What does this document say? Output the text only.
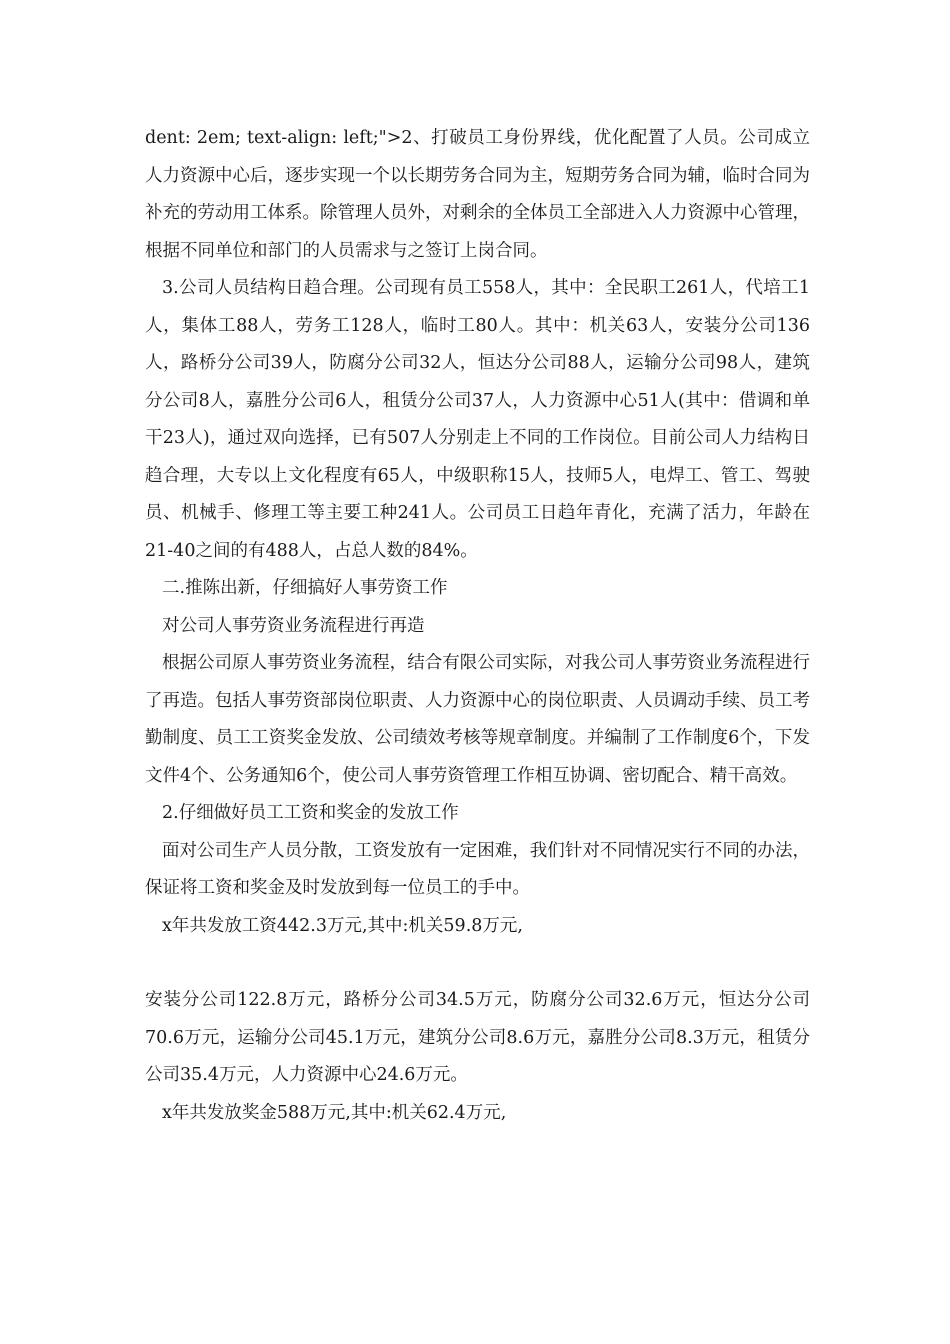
dent: 2em; text-align: left;">2、打破员工身份界线，优化配置了人员。公司成立人力资源中心后，逐步实现一个以长期劳务合同为主，短期劳务合同为辅，临时合同为补充的劳动用工体系。除管理人员外，对剩余的全体员工全部进入人力资源中心管理，根据不同单位和部门的人员需求与之签订上岗合同。

3.公司人员结构日趋合理。公司现有员工558人，其中：全民职工261人，代培工1人，集体工88人，劳务工128人，临时工80人。其中：机关63人，安装分公司136人，路桥分公司39人，防腐分公司32人，恒达分公司88人，运输分公司98人，建筑分公司8人，嘉胜分公司6人，租赁分公司37人，人力资源中心51人(其中：借调和单干23人)，通过双向选择，已有507人分别走上不同的工作岗位。目前公司人力结构日趋合理，大专以上文化程度有65人，中级职称15人，技师5人，电焊工、管工、驾驶员、机械手、修理工等主要工种241人。公司员工日趋年青化，充满了活力，年龄在21-40之间的有488人，占总人数的84%。

二.推陈出新，仔细搞好人事劳资工作

对公司人事劳资业务流程进行再造

根据公司原人事劳资业务流程，结合有限公司实际，对我公司人事劳资业务流程进行了再造。包括人事劳资部岗位职责、人力资源中心的岗位职责、人员调动手续、员工考勤制度、员工工资奖金发放、公司绩效考核等规章制度。并编制了工作制度6个，下发文件4个、公务通知6个，使公司人事劳资管理工作相互协调、密切配合、精干高效。

2.仔细做好员工工资和奖金的发放工作

面对公司生产人员分散，工资发放有一定困难，我们针对不同情况实行不同的办法，保证将工资和奖金及时发放到每一位员工的手中。

x年共发放工资442.3万元,其中:机关59.8万元,

安装分公司122.8万元，路桥分公司34.5万元，防腐分公司32.6万元，恒达分公司70.6万元，运输分公司45.1万元，建筑分公司8.6万元，嘉胜分公司8.3万元，租赁分公司35.4万元，人力资源中心24.6万元。

x年共发放奖金588万元,其中:机关62.4万元,
